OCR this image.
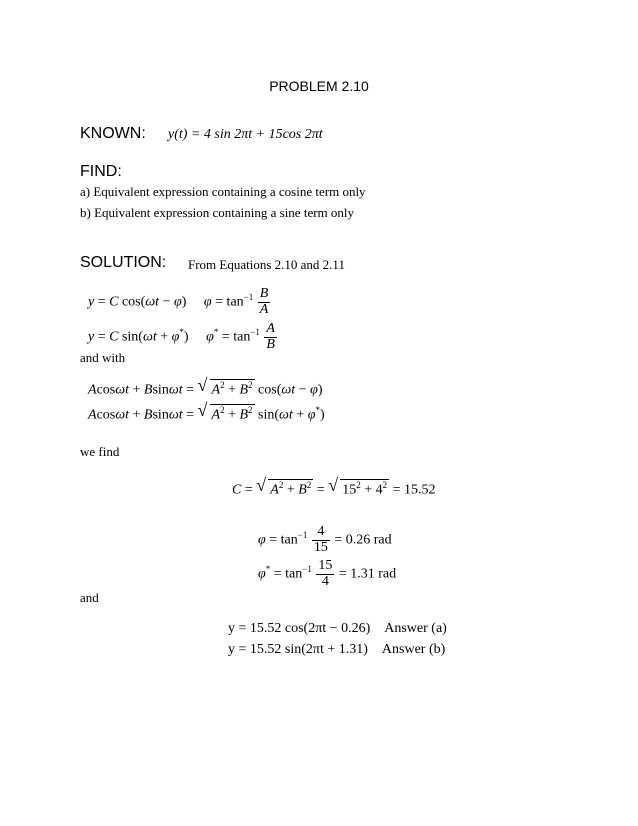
PROBLEM 2.10
KNOWN:
FIND:
a) Equivalent expression containing a cosine term only
b) Equivalent expression containing a sine term only
SOLUTION: From Equations 2.10 and 2.11
y = C cos(ωt − φ)     $\varphi = \tan^{-1} \frac{B}{A}$
y = C sin(ωt + φ*)     $\varphi^* = \tan^{-1} \frac{A}{B}$
and with
Acosωt + Bsinωt = √ $A^2 + B^2$ cos(ωt − φ)
Acosωt + Bsinωt = √ $A^2 + B^2$ sin(ωt + φ*)
we find
C = √ $A^2 + B^2$ = √ $15^2 + 4^2 = 15.52$
$\varphi = \tan^{-1} \frac{4}{15} = 0.26$ rad
$\varphi^* = \tan^{-1} \frac{15}{4} = 1.31$ rad
and
y = 15.52 cos(2πt − 0.26) Answer (a)
y = 15.52 sin(2πt + 1.31) Answer (b)
y(t) = 4 sin 2πt + 15cos 2πt
